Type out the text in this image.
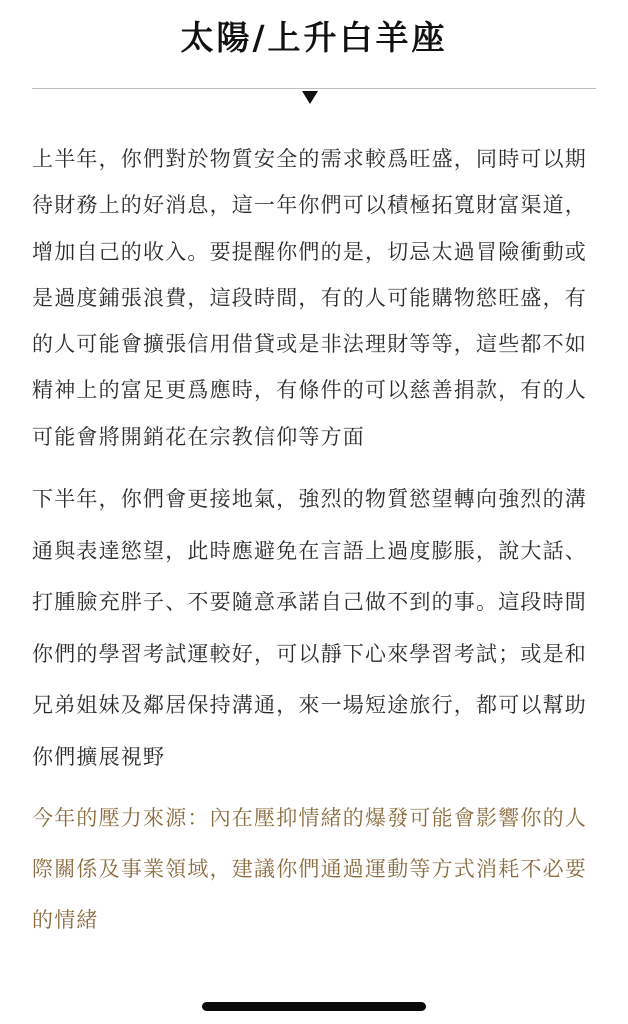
太陽/上升白羊座

上半年，你們對於物質安全的需求較爲旺盛，同時可以期待財務上的好消息，這一年你們可以積極拓寬財富渠道，增加自己的收入。要提醒你們的是，切忌太過冒險衝動或是過度鋪張浪費，這段時間，有的人可能購物慾旺盛，有的人可能會擴張信用借貸或是非法理財等等，這些都不如精神上的富足更爲應時，有條件的可以慈善捐款，有的人可能會將開銷花在宗教信仰等方面

下半年，你們會更接地氣，強烈的物質慾望轉向強烈的溝通與表達慾望，此時應避免在言語上過度膨脹，說大話、打腫臉充胖子、不要隨意承諾自己做不到的事。這段時間你們的學習考試運較好，可以靜下心來學習考試；或是和兄弟姐妹及鄰居保持溝通，來一場短途旅行，都可以幫助你們擴展視野

今年的壓力來源：內在壓抑情緒的爆發可能會影響你的人際關係及事業領域，建議你們通過運動等方式消耗不必要的情緒
